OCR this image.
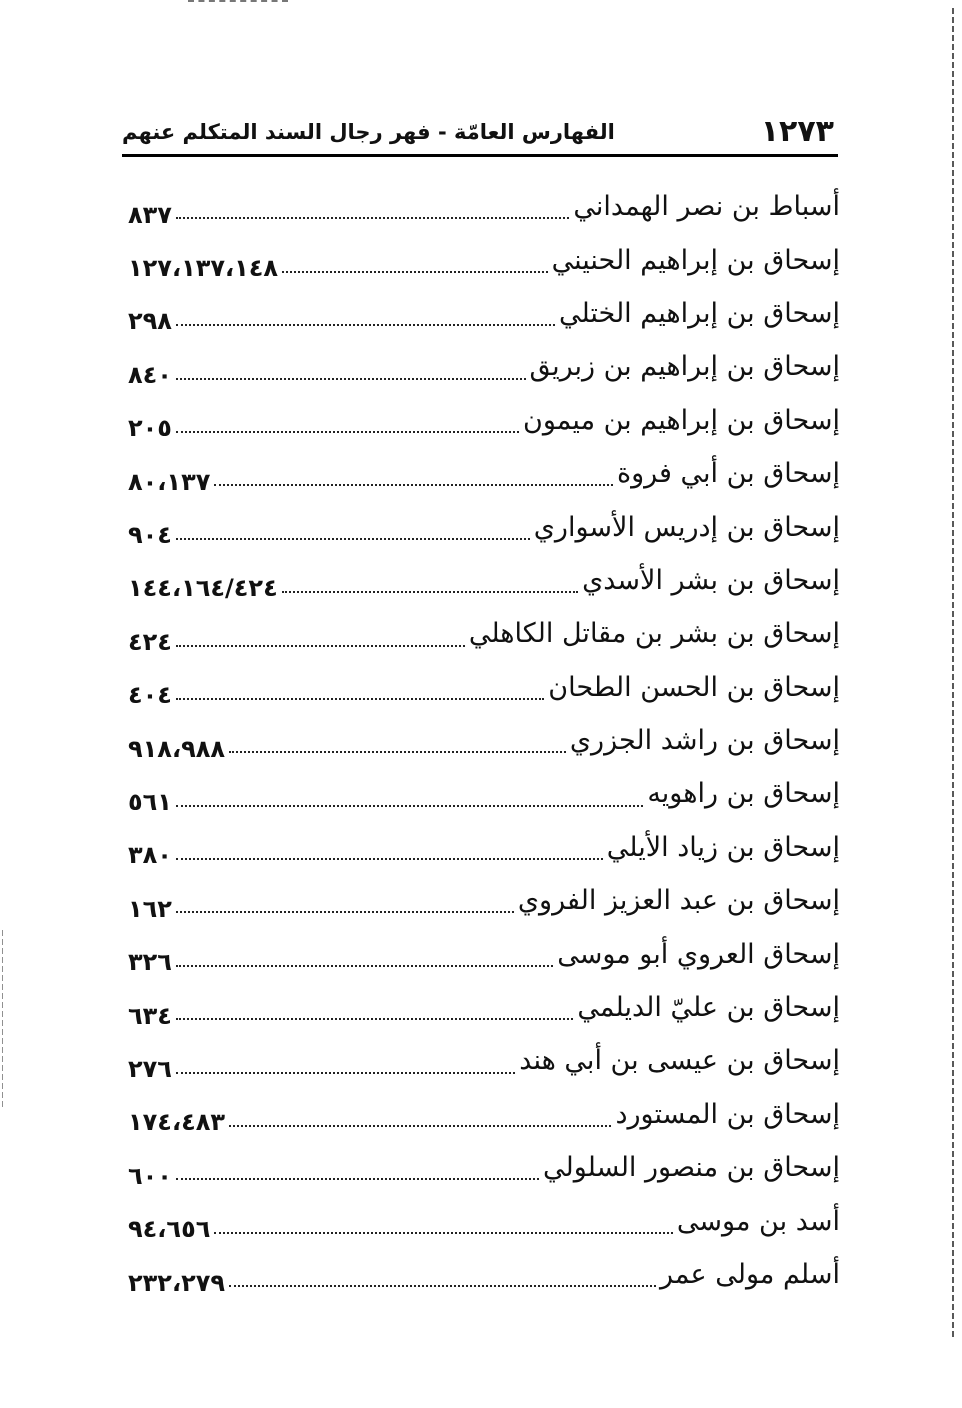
١٢٧٣
الفهارس العامّة - فهر رجال السند المتكلم عنهم
أسباط بن نصر الهمداني
٨٣٧
إسحاق بن إبراهيم الحنيني
١٢٧،١٣٧،١٤٨
إسحاق بن إبراهيم الختلي
٢٩٨
إسحاق بن إبراهيم بن زبريق
٨٤٠
إسحاق بن إبراهيم بن ميمون
٢٠٥
إسحاق بن أبي فروة
٨٠،١٣٧
إسحاق بن إدريس الأسواري
٩٠٤
إسحاق بن بشر الأسدي
١٤٤،١٦٤/٤٢٤
إسحاق بن بشر بن مقاتل الكاهلي
٤٢٤
إسحاق بن الحسن الطحان
٤٠٤
إسحاق بن راشد الجزري
٩١٨،٩٨٨
إسحاق بن راهويه
٥٦١
إسحاق بن زياد الأيلي
٣٨٠
إسحاق بن عبد العزيز الفروي
١٦٢
إسحاق العروي أبو موسى
٣٢٦
إسحاق بن عليّ الديلمي
٦٣٤
إسحاق بن عيسى بن أبي هند
٢٧٦
إسحاق بن المستورد
١٧٤،٤٨٣
إسحاق بن منصور السلولي
٦٠٠
أسد بن موسى
٩٤،٦٥٦
أسلم مولى عمر
٢٣٢،٢٧٩
